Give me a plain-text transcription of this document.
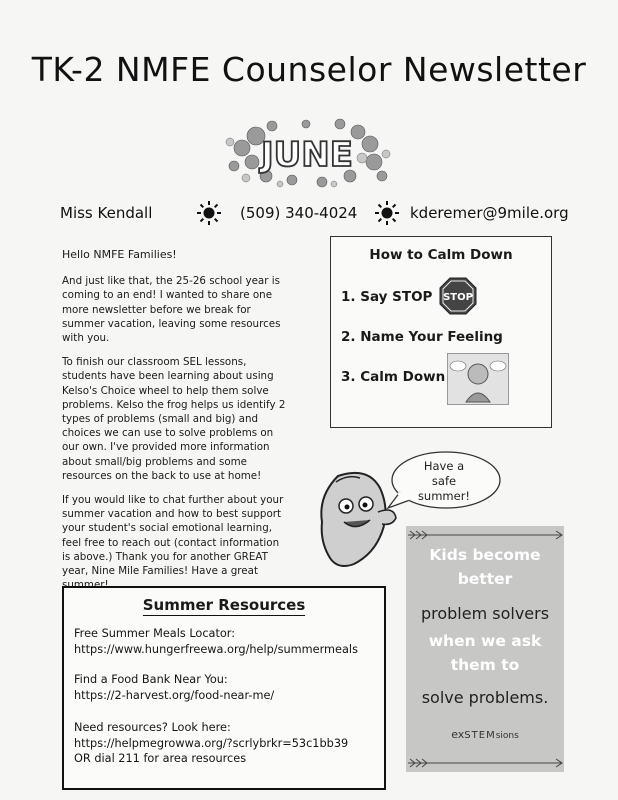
TK-2 NMFE Counselor Newsletter
JUNE
Miss Kendall	(509) 340-4024	kderemer@9mile.org

Hello NMFE Families!

And just like that, the 25-26 school year is coming to an end! I wanted to share one more newsletter before we break for summer vacation, leaving some resources with you.

To finish our classroom SEL lessons, students have been learning about using Kelso's Choice wheel to help them solve problems. Kelso the frog helps us identify 2 types of problems (small and big) and choices we can use to solve problems on our own. I've provided more information about small/big problems and some resources on the back to use at home!

If you would like to chat further about your summer vacation and how to best support your student's social emotional learning, feel free to reach out (contact information is above.) Thank you for another GREAT year, Nine Mile Families! Have a great

How to Calm Down
1. Say STOP STOP
2. Name Your Feeling
3. Calm Down
Have a
safe
summer!
Kids become
better
problem solvers
when we ask
them to
solve problems.
exSTEMsions
Summer Resources
Free Summer Meals Locator:
https://www.hungerfreewa.org/help/summermeals
Find a Food Bank Near You:
https://2-harvest.org/food-near-me/
Need resources? Look here:
https://helpmegrowwa.org/?scrlybrkr=53c1bb39
OR dial 211 for area resources
